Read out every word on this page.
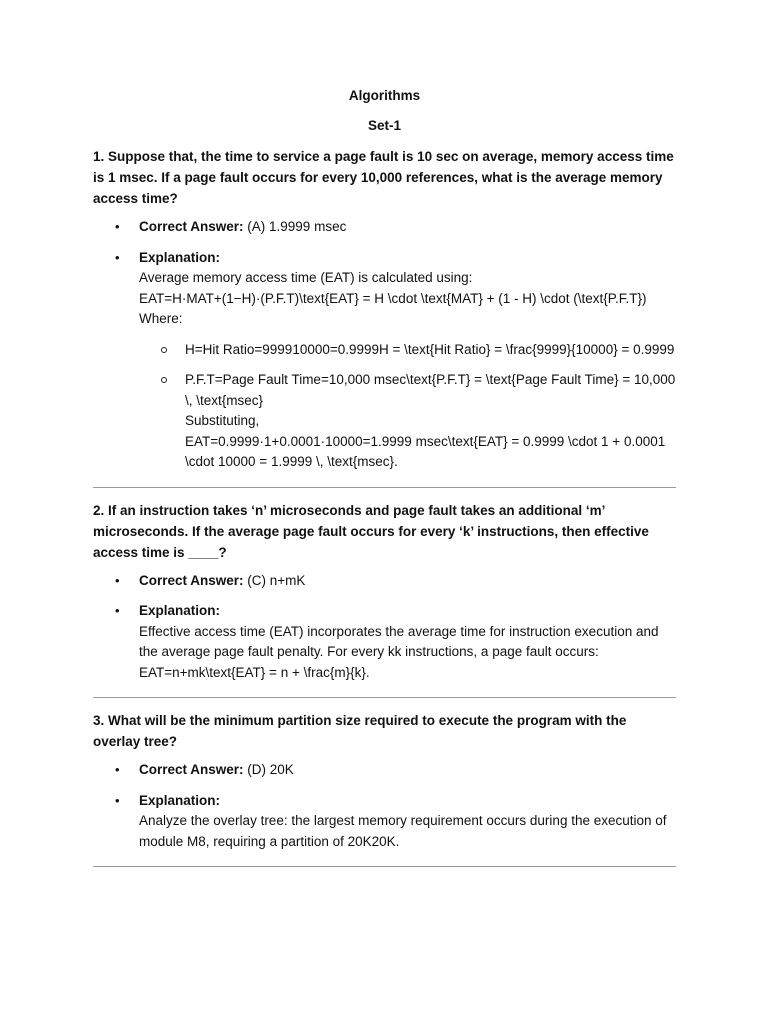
Algorithms

Set-1

1. Suppose that, the time to service a page fault is 10 sec on average, memory access time is 1 msec. If a page fault occurs for every 10,000 references, what is the average memory access time?

• Correct Answer: (A) 1.9999 msec
• Explanation:
Average memory access time (EAT) is calculated using:
EAT=H·MAT+(1−H)·(P.F.T)\text{EAT} = H \cdot \text{MAT} + (1 - H) \cdot (\text{P.F.T})
Where:
H=Hit Ratio=999910000=0.9999H = \text{Hit Ratio} = \frac{9999}{10000} = 0.9999
P.F.T=Page Fault Time=10,000 msec\text{P.F.T} = \text{Page Fault Time} = 10,000 \, \text{msec}
Substituting,
EAT=0.9999·1+0.0001·10000=1.9999 msec\text{EAT} = 0.9999 \cdot 1 + 0.0001 \cdot 10000 = 1.9999 \, \text{msec}.

2. If an instruction takes ‘n’ microseconds and page fault takes an additional ‘m’ microseconds. If the average page fault occurs for every ‘k’ instructions, then effective access time is ____?

• Correct Answer: (C) n+mK
• Explanation:
Effective access time (EAT) incorporates the average time for instruction execution and the average page fault penalty. For every kk instructions, a page fault occurs: EAT=n+mk\text{EAT} = n + \frac{m}{k}.

3. What will be the minimum partition size required to execute the program with the overlay tree?

• Correct Answer: (D) 20K
• Explanation:
Analyze the overlay tree: the largest memory requirement occurs during the execution of module M8, requiring a partition of 20K20K.
